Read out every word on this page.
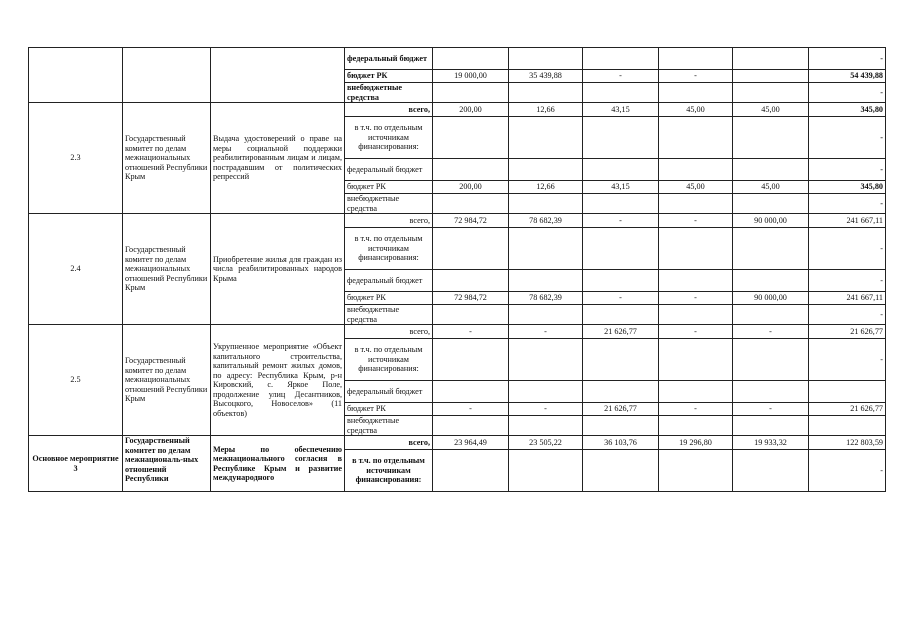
			федеральный бюджет						-
			бюджет РК	19 000,00	35 439,88	-	-		54 439,88
			внебюджетные средства						-
2.3	Государственный комитет по делам межнациональных отношений Республики Крым	Выдача удостоверений о праве на меры социальной поддержки реабилитированным лицам и лицам, пострадавшим от политических репрессий	всего,	200,00	12,66	43,15	45,00	45,00	345,80
			в т.ч. по отдельным источникам финансирования:						-
			федеральный бюджет						-
			бюджет РК	200,00	12,66	43,15	45,00	45,00	345,80
			внебюджетные средства						-
2.4	Государственный комитет по делам межнациональных отношений Республики Крым	Приобретение жилья для граждан из числа реабилитированных народов Крыма	всего,	72 984,72	78 682,39	-	-	90 000,00	241 667,11
			в т.ч. по отдельным источникам финансирования:						-
			федеральный бюджет						-
			бюджет РК	72 984,72	78 682,39	-	-	90 000,00	241 667,11
			внебюджетные средства						-
2.5	Государственный комитет по делам межнациональных отношений Республики Крым	Укрупненное мероприятие «Объект капитального строительства, капитальный ремонт жилых домов, по адресу: Республика Крым, р-н Кировский, с. Яркое Поле, продолжение улиц Десантников, Высоцкого, Новоселов» (11 объектов)	всего,	-	-	21 626,77	-	-	21 626,77
			в т.ч. по отдельным источникам финансирования:						-
			федеральный бюджет						
			бюджет РК	-	-	21 626,77	-	-	21 626,77
			внебюджетные средства						
Основное мероприятие 3	Государственный комитет по делам межнациональ-ных отношений Республики	Меры по обеспечению межнационального согласия в Республике Крым и развитие международного	всего,	23 964,49	23 505,22	36 103,76	19 296,80	19 933,32	122 803,59
			в т.ч. по отдельным источникам финансирования:						-
